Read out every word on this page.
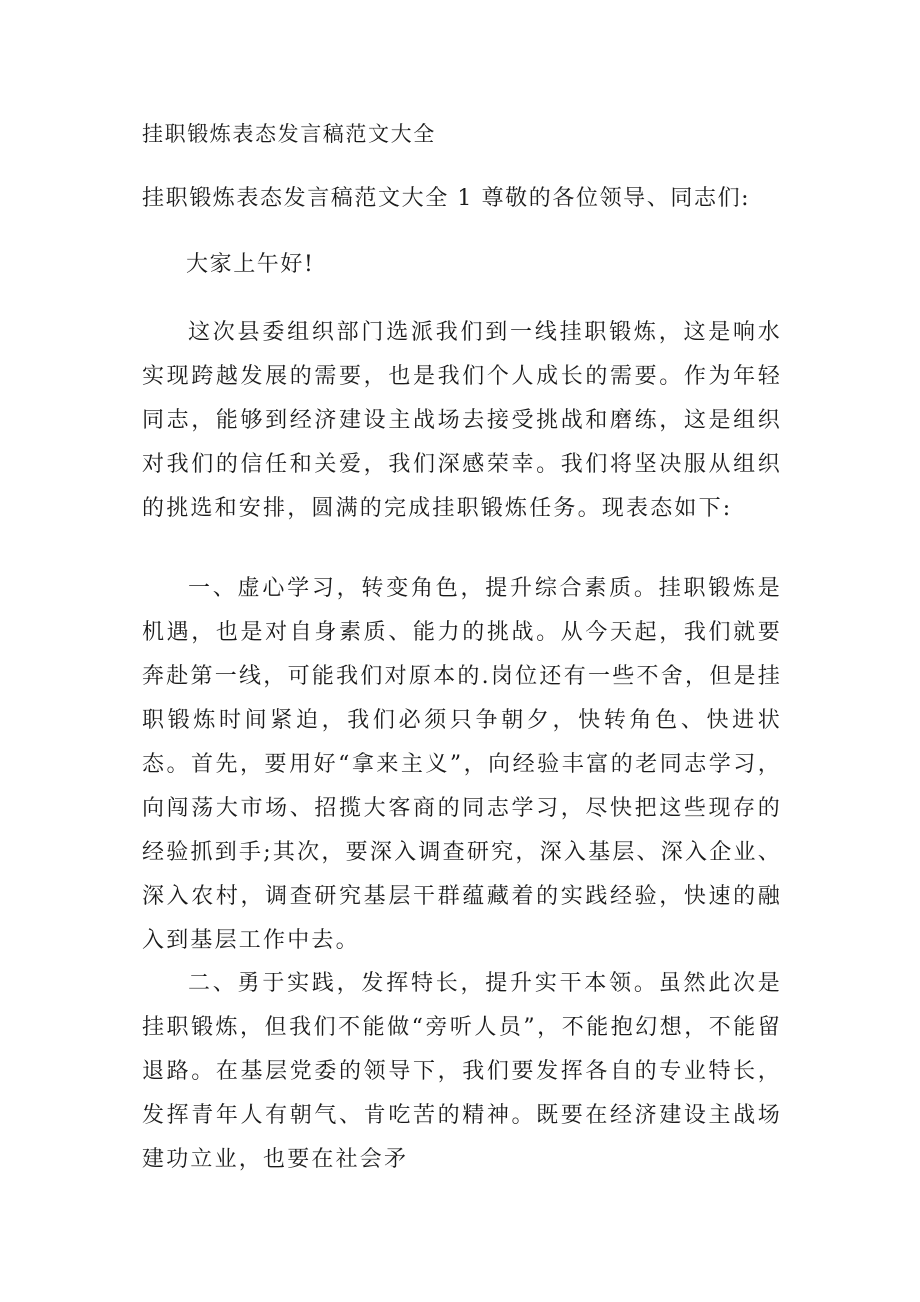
挂职锻炼表态发言稿范文大全
挂职锻炼表态发言稿范文大全 1 尊敬的各位领导、同志们:
大家上午好!
这次县委组织部门选派我们到一线挂职锻炼，这是响水实现跨越发展的需要，也是我们个人成长的需要。作为年轻同志，能够到经济建设主战场去接受挑战和磨练，这是组织对我们的信任和关爱，我们深感荣幸。我们将坚决服从组织的挑选和安排，圆满的完成挂职锻炼任务。现表态如下:
一、虚心学习，转变角色，提升综合素质。挂职锻炼是机遇，也是对自身素质、能力的挑战。从今天起，我们就要奔赴第一线，可能我们对原本的.岗位还有一些不舍，但是挂职锻炼时间紧迫，我们必须只争朝夕，快转角色、快进状态。首先，要用好“拿来主义”，向经验丰富的老同志学习，向闯荡大市场、招揽大客商的同志学习，尽快把这些现存的经验抓到手;其次，要深入调查研究，深入基层、深入企业、深入农村，调查研究基层干群蕴藏着的实践经验，快速的融入到基层工作中去。
二、勇于实践，发挥特长，提升实干本领。虽然此次是挂职锻炼，但我们不能做“旁听人员”，不能抱幻想，不能留退路。在基层党委的领导下，我们要发挥各自的专业特长，发挥青年人有朝气、肯吃苦的精神。既要在经济建设主战场建功立业，也要在社会矛
